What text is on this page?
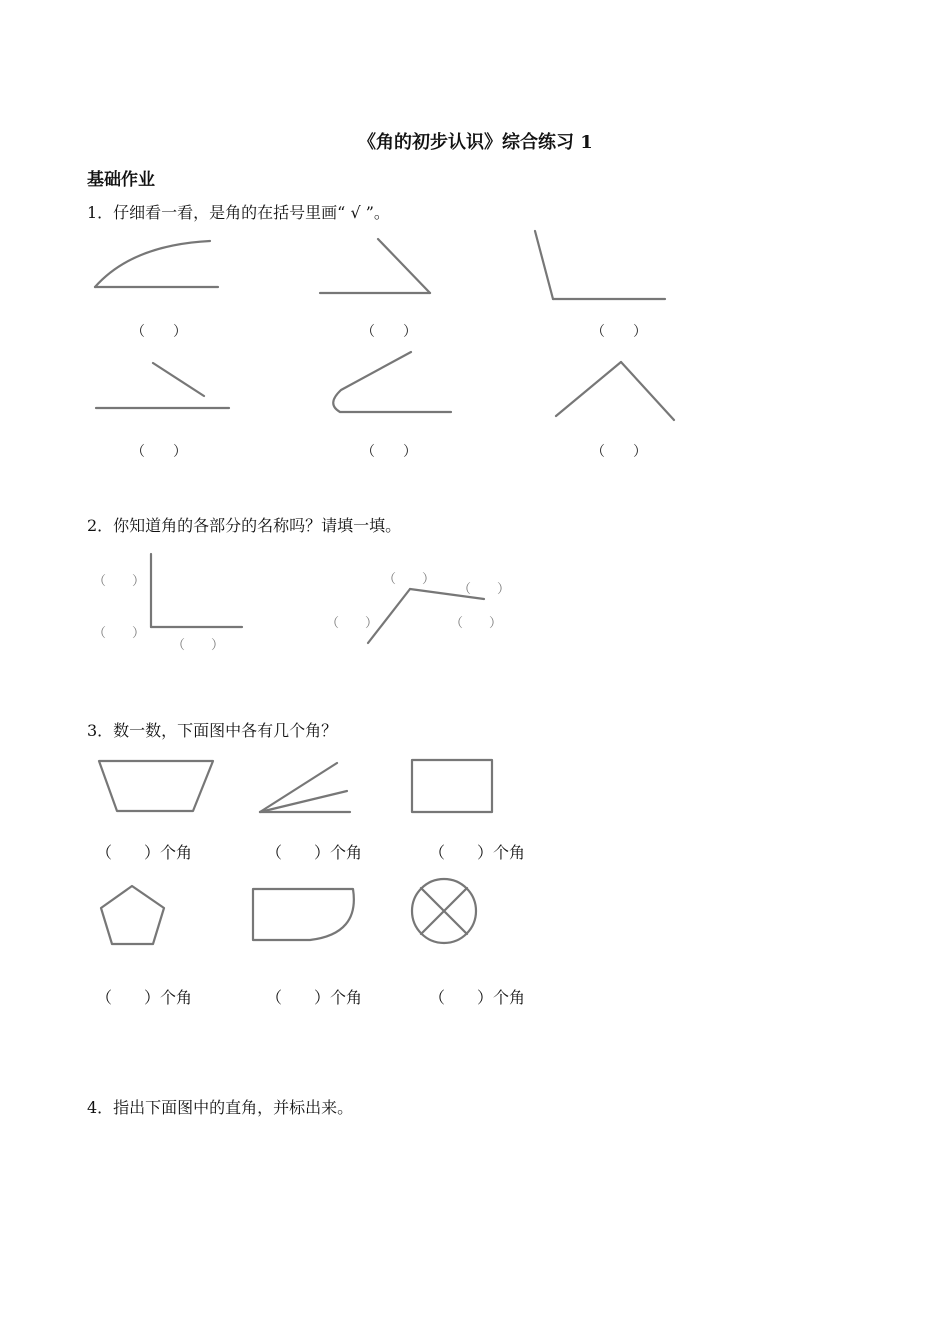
《角的初步认识》综合练习 1
基础作业
1．仔细看一看，是角的在括号里画“ √ ”。
（　　）	（　　）	（　　）
（　　）	（　　）	（　　）
2．你知道角的各部分的名称吗？请填一填。
（　　）
（　　）
（　　）
（　　）
（　　）
（　　）	（　　）
3．数一数，下面图中各有几个角？
（　　）个角	（　　）个角	（　　）个角
（　　）个角	（　　）个角	（　　）个角
4．指出下面图中的直角，并标出来。
